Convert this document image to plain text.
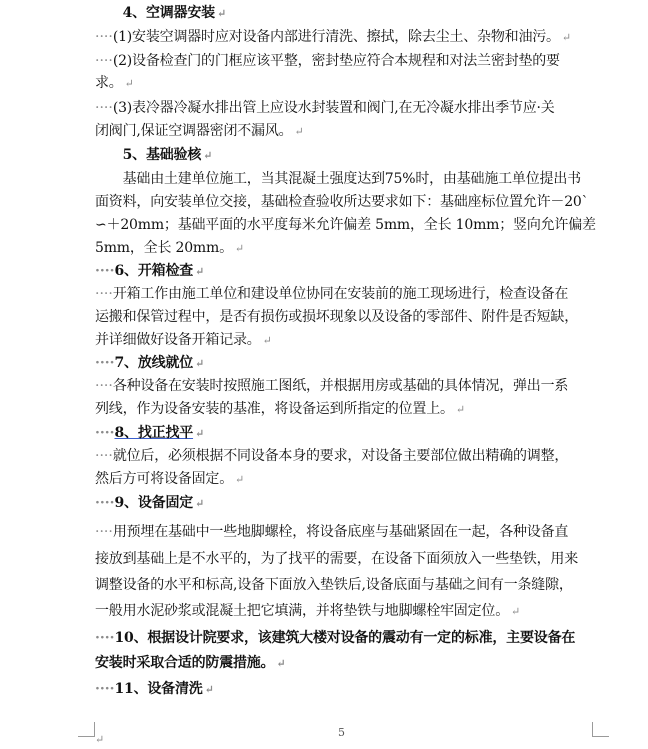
　　4、空调器安装 ↵
····(1)安装空调器时应对设备内部进行清洗、擦拭，除去尘土、杂物和油污。 ↵
····(2)设备检查门的门框应该平整，密封垫应符合本规程和对法兰密封垫的要
求。 ↵
····(3)表冷器冷凝水排出管上应设水封装置和阀门,在无冷凝水排出季节应·关
闭阀门,保证空调器密闭不漏风。 ↵
　　5、基础验核 ↵
　　基础由土建单位施工，当其混凝土强度达到75%时，由基础施工单位提出书
面资料，向安装单位交接，基础检查验收所达要求如下：基础座标位置允许－20`
∽＋20mm；基础平面的水平度每米允许偏差 5mm，全长 10mm；竖向允许偏差
5mm，全长 20mm。 ↵
····6、开箱检查 ↵
····开箱工作由施工单位和建设单位协同在安装前的施工现场进行，检查设备在
运搬和保管过程中，是否有损伤或损坏现象以及设备的零部件、附件是否短缺，
并详细做好设备开箱记录。 ↵
····7、放线就位 ↵
····各种设备在安装时按照施工图纸，并根据用房或基础的具体情况，弹出一系
列线，作为设备安装的基准，将设备运到所指定的位置上。 ↵
····8、找正找平 ↵
····就位后，必须根据不同设备本身的要求，对设备主要部位做出精确的调整，
然后方可将设备固定。 ↵
····9、设备固定 ↵
····用预埋在基础中一些地脚螺栓，将设备底座与基础紧固在一起，各种设备直
接放到基础上是不水平的，为了找平的需要，在设备下面须放入一些垫铁，用来
调整设备的水平和标高,设备下面放入垫铁后,设备底面与基础之间有一条缝隙，
一般用水泥砂浆或混凝土把它填满，并将垫铁与地脚螺栓牢固定位。 ↵
····10、根据设计院要求，该建筑大楼对设备的震动有一定的标准，主要设备在
安装时采取合适的防震措施。 ↵
····11、设备清洗 ↵
↵
5
